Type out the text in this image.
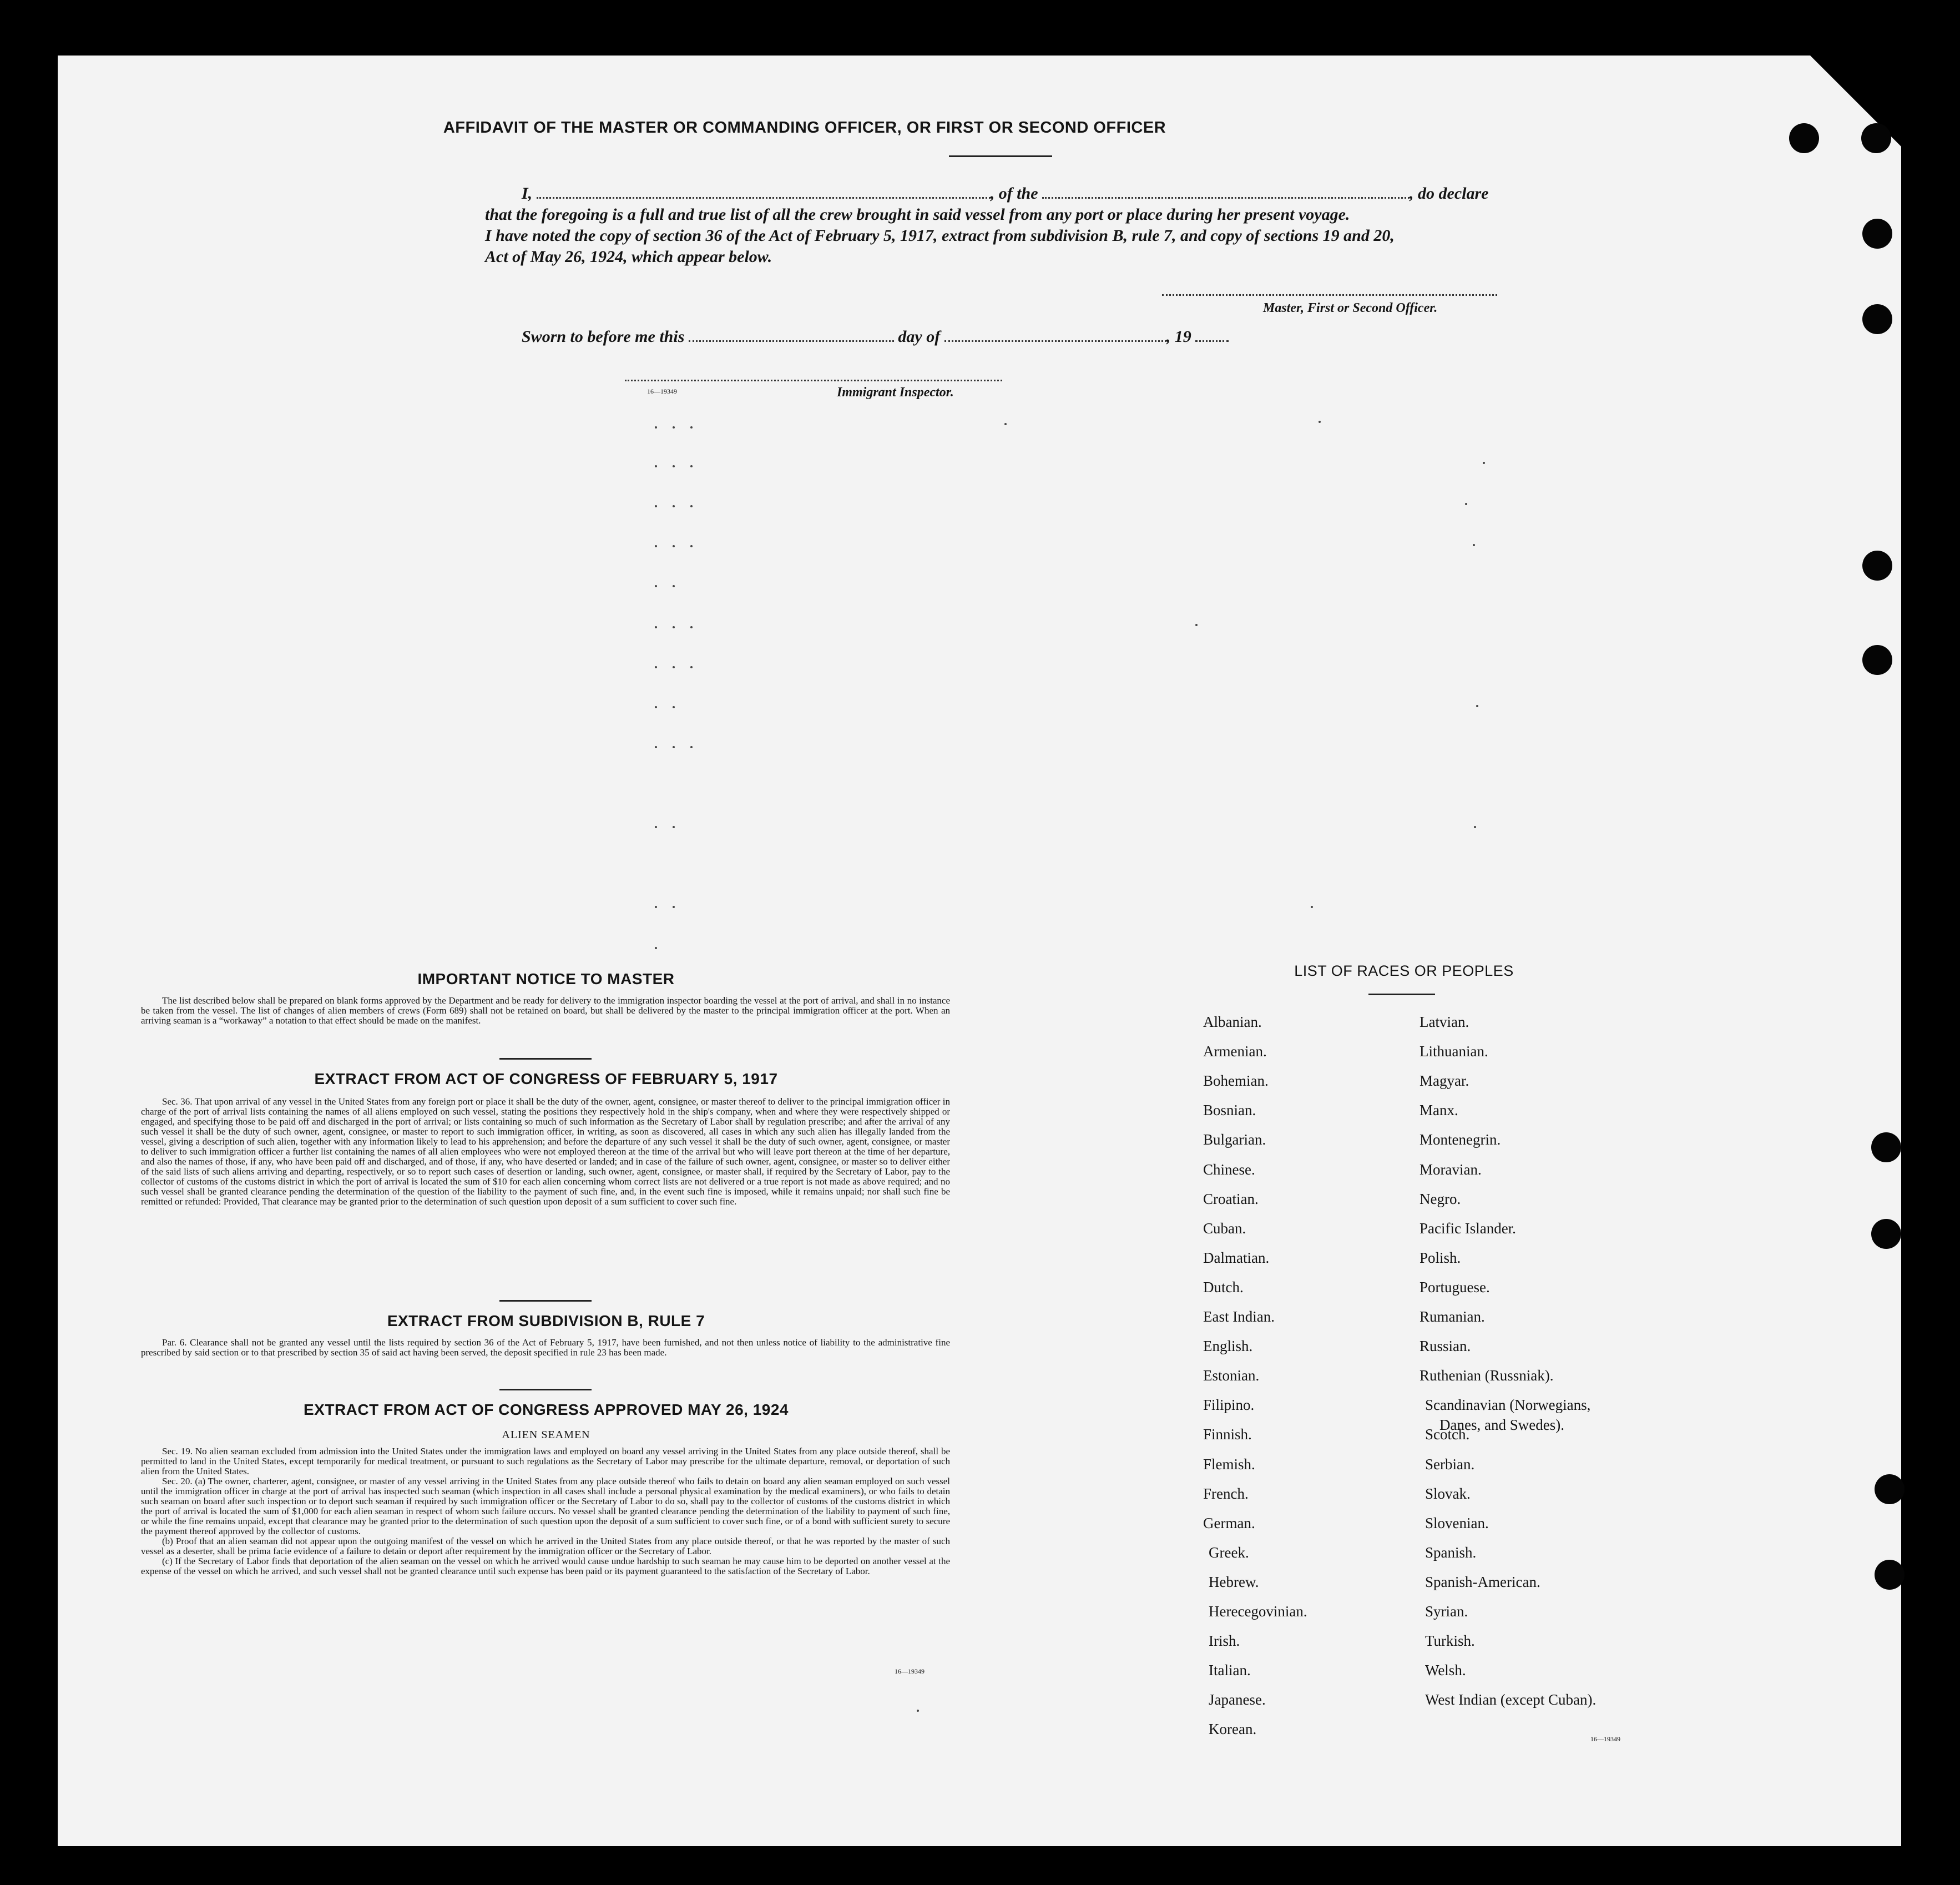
AFFIDAVIT OF THE MASTER OR COMMANDING OFFICER, OR FIRST OR SECOND OFFICER
I,	, of the	, do declare
that the foregoing is a full and true list of all the crew brought in said vessel from any port or place during her present voyage.
I have noted the copy of section 36 of the Act of February 5, 1917, extract from subdivision B, rule 7, and copy of sections 19 and 20,
Act of May 26, 1924, which appear below.
Master, First or Second Officer.
Sworn to before me this	day of	, 19
16—19349	Immigrant Inspector.
IMPORTANT NOTICE TO MASTER

The list described below shall be prepared on blank forms approved by the Department and be ready for delivery to the immigration inspector boarding the vessel at the port of arrival, and shall in no instance be taken from the vessel. The list of changes of alien members of crews (Form 689) shall not be retained on board, but shall be delivered by the master to the principal immigration officer at the port. When an arriving seaman is a “workaway” a notation to that effect should be made on the manifest.

EXTRACT FROM ACT OF CONGRESS OF FEBRUARY 5, 1917

Sec. 36. That upon arrival of any vessel in the United States from any foreign port or place it shall be the duty of the owner, agent, consignee, or master thereof to deliver to the principal immigration officer in charge of the port of arrival lists containing the names of all aliens employed on such vessel, stating the positions they respectively hold in the ship's company, when and where they were respectively shipped or engaged, and specifying those to be paid off and discharged in the port of arrival; or lists containing so much of such information as the Secretary of Labor shall by regulation prescribe; and after the arrival of any such vessel it shall be the duty of such owner, agent, consignee, or master to report to such immigration officer, in writing, as soon as discovered, all cases in which any such alien has illegally landed from the vessel, giving a description of such alien, together with any information likely to lead to his apprehension; and before the departure of any such vessel it shall be the duty of such owner, agent, consignee, or master to deliver to such immigration officer a further list containing the names of all alien employees who were not employed thereon at the time of the arrival but who will leave port thereon at the time of her departure, and also the names of those, if any, who have been paid off and discharged, and of those, if any, who have deserted or landed; and in case of the failure of such owner, agent, consignee, or master so to deliver either of the said lists of such aliens arriving and departing, respectively, or so to report such cases of desertion or landing, such owner, agent, consignee, or master shall, if required by the Secretary of Labor, pay to the collector of customs of the customs district in which the port of arrival is located the sum of $10 for each alien concerning whom correct lists are not delivered or a true report is not made as above required; and no such vessel shall be granted clearance pending the determination of the question of the liability to the payment of such fine, and, in the event such fine is imposed, while it remains unpaid; nor shall such fine be remitted or refunded: Provided, That clearance may be granted prior to the determination of such question upon deposit of a sum sufficient to cover such fine.

EXTRACT FROM SUBDIVISION B, RULE 7

Par. 6. Clearance shall not be granted any vessel until the lists required by section 36 of the Act of February 5, 1917, have been furnished, and not then unless notice of liability to the administrative fine prescribed by said section or to that prescribed by section 35 of said act having been served, the deposit specified in rule 23 has been made.

EXTRACT FROM ACT OF CONGRESS APPROVED MAY 26, 1924
ALIEN SEAMEN

Sec. 19. No alien seaman excluded from admission into the United States under the immigration laws and employed on board any vessel arriving in the United States from any place outside thereof, shall be permitted to land in the United States, except temporarily for medical treatment, or pursuant to such regulations as the Secretary of Labor may prescribe for the ultimate departure, removal, or deportation of such alien from the United States.

Sec. 20. (a) The owner, charterer, agent, consignee, or master of any vessel arriving in the United States from any place outside thereof who fails to detain on board any alien seaman employed on such vessel until the immigration officer in charge at the port of arrival has inspected such seaman (which inspection in all cases shall include a personal physical examination by the medical examiners), or who fails to detain such seaman on board after such inspection or to deport such seaman if required by such immigration officer or the Secretary of Labor to do so, shall pay to the collector of customs of the customs district in which the port of arrival is located the sum of $1,000 for each alien seaman in respect of whom such failure occurs. No vessel shall be granted clearance pending the determination of the liability to payment of such fine, or while the fine remains unpaid, except that clearance may be granted prior to the determination of such question upon the deposit of a sum sufficient to cover such fine, or of a bond with sufficient surety to secure the payment thereof approved by the collector of customs.

(b) Proof that an alien seaman did not appear upon the outgoing manifest of the vessel on which he arrived in the United States from any place outside thereof, or that he was reported by the master of such vessel as a deserter, shall be prima facie evidence of a failure to detain or deport after requirement by the immigration officer or the Secretary of Labor.

(c) If the Secretary of Labor finds that deportation of the alien seaman on the vessel on which he arrived would cause undue hardship to such seaman he may cause him to be deported on another vessel at the expense of the vessel on which he arrived, and such vessel shall not be granted clearance until such expense has been paid or its payment guaranteed to the satisfaction of the Secretary of Labor.

16—19349
LIST OF RACES OR PEOPLES
Albanian.
Armenian.
Bohemian.
Bosnian.
Bulgarian.
Chinese.
Croatian.
Cuban.
Dalmatian.
Dutch.
East Indian.
English.
Estonian.
Filipino.
Finnish.
Flemish.
French.
German.
Greek.
Hebrew.
Herecegovinian.
Irish.
Italian.
Japanese.
Korean.
Latvian.
Lithuanian.
Magyar.
Manx.
Montenegrin.
Moravian.
Negro.
Pacific Islander.
Polish.
Portuguese.
Rumanian.
Russian.
Ruthenian (Russniak).
Scandinavian (Norwegians,
Scotch.
Serbian.
Slovak.
Slovenian.
Spanish.
Spanish-American.
Syrian.
Turkish.
Welsh.
West Indian (except Cuban).
Danes, and Swedes).
16—19349
